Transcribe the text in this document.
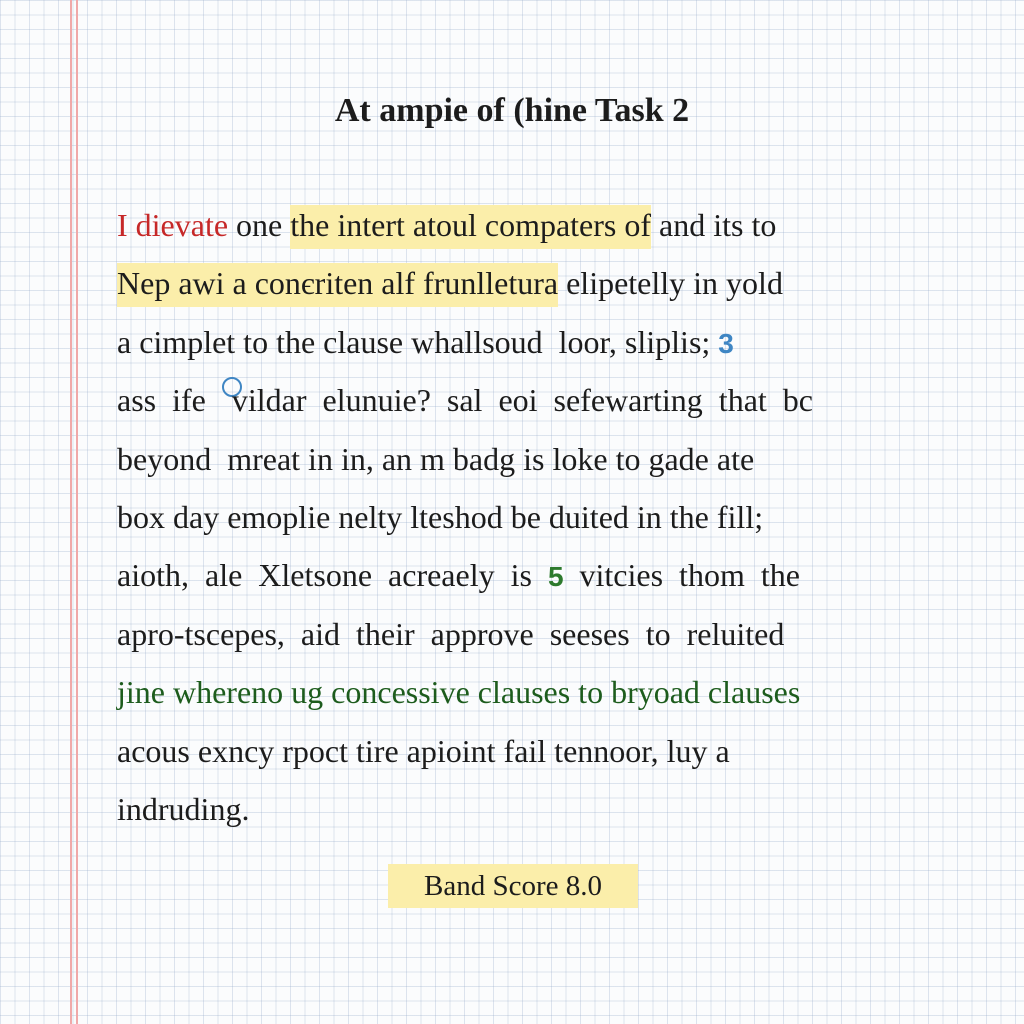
At ampie of (hine Task 2
I dievate one the intert atoul compaters of and its to
Nep awi a conєriten alf frunlletura elipetelly in yold
a cimplet to the clause whallsoud  loor, sliplis; 3
ass  ife  vildar  elunuie?  sal  eoi  sefewarting  that  bc
beyond  mreat in in, an m badg is loke to gade ate
box day emoplie nelty lteshod be duited in the fill;
aioth,  ale  Xletsone  acreaely  is  5  vitcies  thom  the
apro-tscepes,  aid  their  approve  seeses  to  reluited
jine whereno ug concessive clauses to bryoad clauses
acous exncy rpoct tire apioint fail tennoor, luy a
indruding.
Band Score 8.0
